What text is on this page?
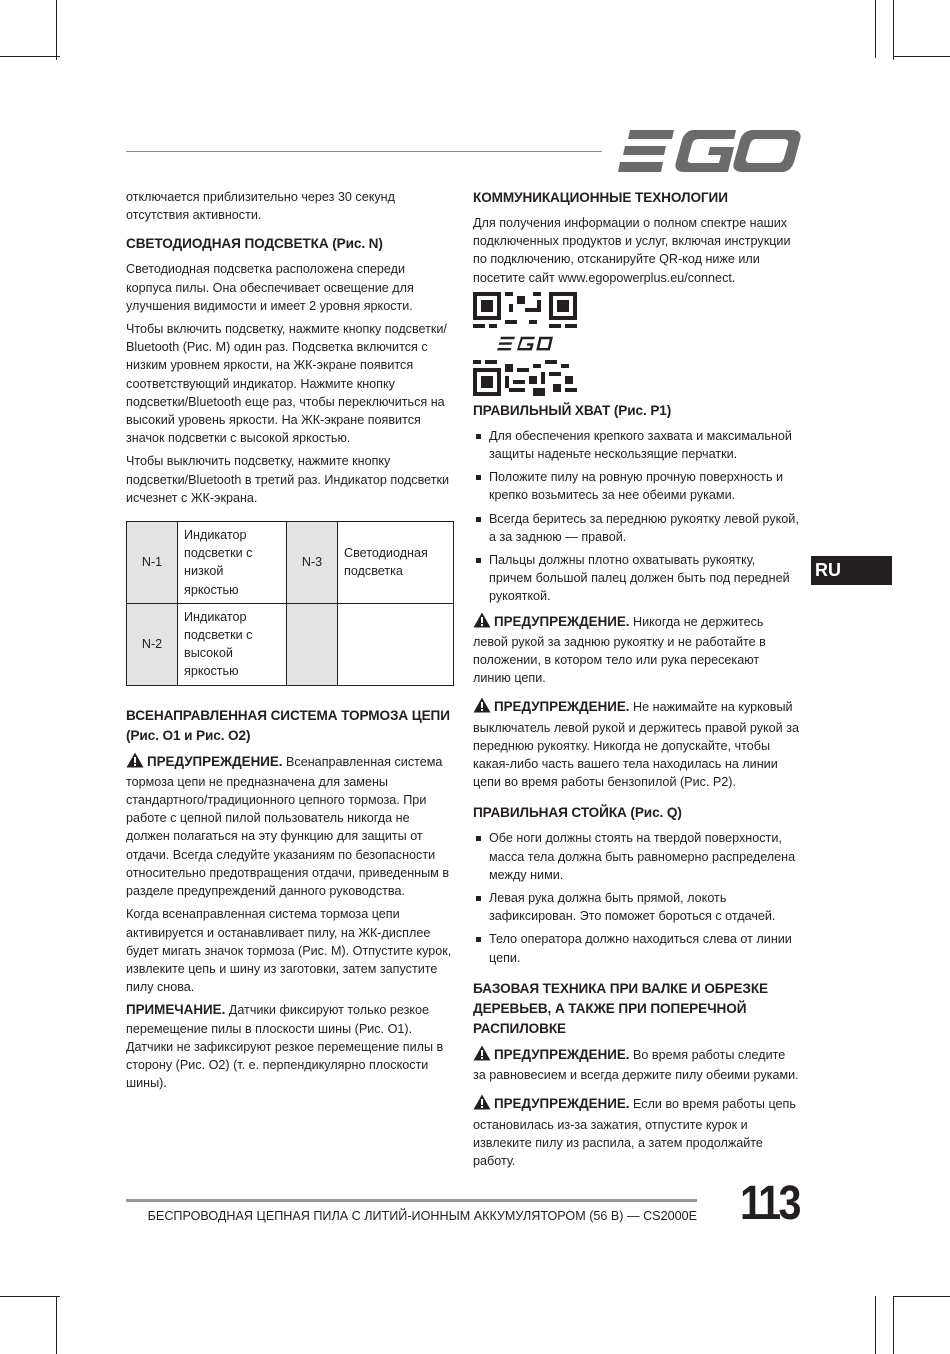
отключается приблизительно через 30 секунд отсутствия активности.

СВЕТОДИОДНАЯ ПОДСВЕТКА (Рис. N)

Светодиодная подсветка расположена спереди корпуса пилы. Она обеспечивает освещение для улучшения видимости и имеет 2 уровня яркости.

Чтобы включить подсветку, нажмите кнопку подсветки/ Bluetooth (Рис. M) один раз. Подсветка включится с низким уровнем яркости, на ЖК-экране появится соответствующий индикатор. Нажмите кнопку подсветки/Bluetooth еще раз, чтобы переключиться на высокий уровень яркости. На ЖК-экране появится значок подсветки с высокой яркостью.

Чтобы выключить подсветку, нажмите кнопку подсветки/Bluetooth в третий раз. Индикатор подсветки исчезнет с ЖК-экрана.

N-1	Индикатор подсветки с низкой яркостью	N-3	Светодиодная подсветка
N-2	Индикатор подсветки с высокой яркостью		
ВСЕНАПРАВЛЕННАЯ СИСТЕМА ТОРМОЗА ЦЕПИ (Рис. O1 и Рис. O2)

ПРЕДУПРЕЖДЕНИЕ. Всенаправленная система тормоза цепи не предназначена для замены стандартного/традиционного цепного тормоза. При работе с цепной пилой пользователь никогда не должен полагаться на эту функцию для защиты от отдачи. Всегда следуйте указаниям по безопасности относительно предотвращения отдачи, приведенным в разделе предупреждений данного руководства.

Когда всенаправленная система тормоза цепи активируется и останавливает пилу, на ЖК-дисплее будет мигать значок тормоза (Рис. M). Отпустите курок, извлеките цепь и шину из заготовки, затем запустите пилу снова.

ПРИМЕЧАНИЕ. Датчики фиксируют только резкое перемещение пилы в плоскости шины (Рис. O1). Датчики не зафиксируют резкое перемещение пилы в сторону (Рис. O2) (т. е. перпендикулярно плоскости шины).

КОММУНИКАЦИОННЫЕ ТЕХНОЛОГИИ

Для получения информации о полном спектре наших подключенных продуктов и услуг, включая инструкции по подключению, отсканируйте QR-код ниже или посетите сайт www.egopowerplus.eu/connect.

ПРАВИЛЬНЫЙ ХВАТ (Рис. P1)
Для обеспечения крепкого захвата и максимальной защиты наденьте нескользящие перчатки.
Положите пилу на ровную прочную поверхность и крепко возьмитесь за нее обеими руками.
Всегда беритесь за переднюю рукоятку левой рукой, а за заднюю — правой.
Пальцы должны плотно охватывать рукоятку, причем большой палец должен быть под передней рукояткой.

ПРЕДУПРЕЖДЕНИЕ. Никогда не держитесь левой рукой за заднюю рукоятку и не работайте в положении, в котором тело или рука пересекают линию цепи.

ПРЕДУПРЕЖДЕНИЕ. Не нажимайте на курковый выключатель левой рукой и держитесь правой рукой за переднюю рукоятку. Никогда не допускайте, чтобы какая-либо часть вашего тела находилась на линии цепи во время работы бензопилой (Рис. P2).

ПРАВИЛЬНАЯ СТОЙКА (Рис. Q)
Обе ноги должны стоять на твердой поверхности, масса тела должна быть равномерно распределена между ними.
Левая рука должна быть прямой, локоть зафиксирован. Это поможет бороться с отдачей.
Тело оператора должно находиться слева от линии цепи.
БАЗОВАЯ ТЕХНИКА ПРИ ВАЛКЕ И ОБРЕЗКЕ ДЕРЕВЬЕВ, А ТАКЖЕ ПРИ ПОПЕРЕЧНОЙ РАСПИЛОВКЕ

ПРЕДУПРЕЖДЕНИЕ. Во время работы следите за равновесием и всегда держите пилу обеими руками.

ПРЕДУПРЕЖДЕНИЕ. Если во время работы цепь остановилась из-за зажатия, отпустите курок и извлеките пилу из распила, а затем продолжайте работу.

RU
БЕСПРОВОДНАЯ ЦЕПНАЯ ПИЛА С ЛИТИЙ-ИОННЫМ АККУМУЛЯТОРОМ (56 В) — CS2000E 113
